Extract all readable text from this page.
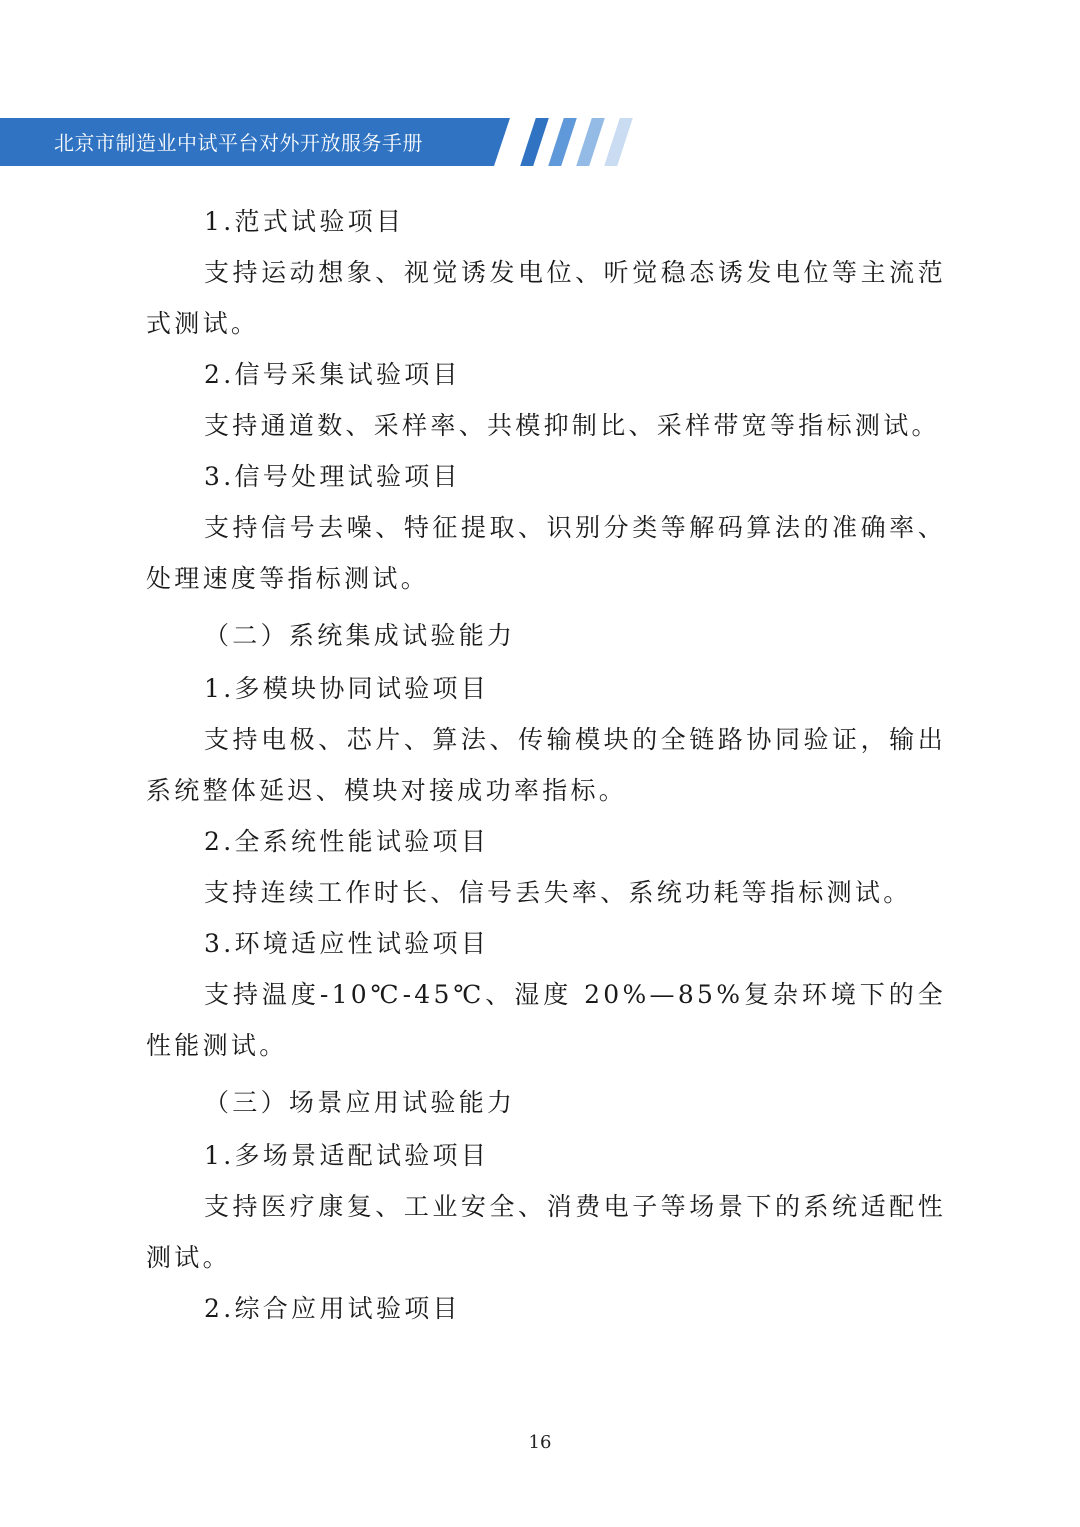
北京市制造业中试平台对外开放服务手册

1.范式试验项目

支持运动想象、视觉诱发电位、听觉稳态诱发电位等主流范式测试。

2.信号采集试验项目

支持通道数、采样率、共模抑制比、采样带宽等指标测试。

3.信号处理试验项目

支持信号去噪、特征提取、识别分类等解码算法的准确率、处理速度等指标测试。

（二）系统集成试验能力

1.多模块协同试验项目

支持电极、芯片、算法、传输模块的全链路协同验证，输出系统整体延迟、模块对接成功率指标。

2.全系统性能试验项目

支持连续工作时长、信号丢失率、系统功耗等指标测试。

3.环境适应性试验项目

支持温度-10℃-45℃、湿度 20%—85%复杂环境下的全性能测试。

（三）场景应用试验能力

1.多场景适配试验项目

支持医疗康复、工业安全、消费电子等场景下的系统适配性测试。

2.综合应用试验项目

16
